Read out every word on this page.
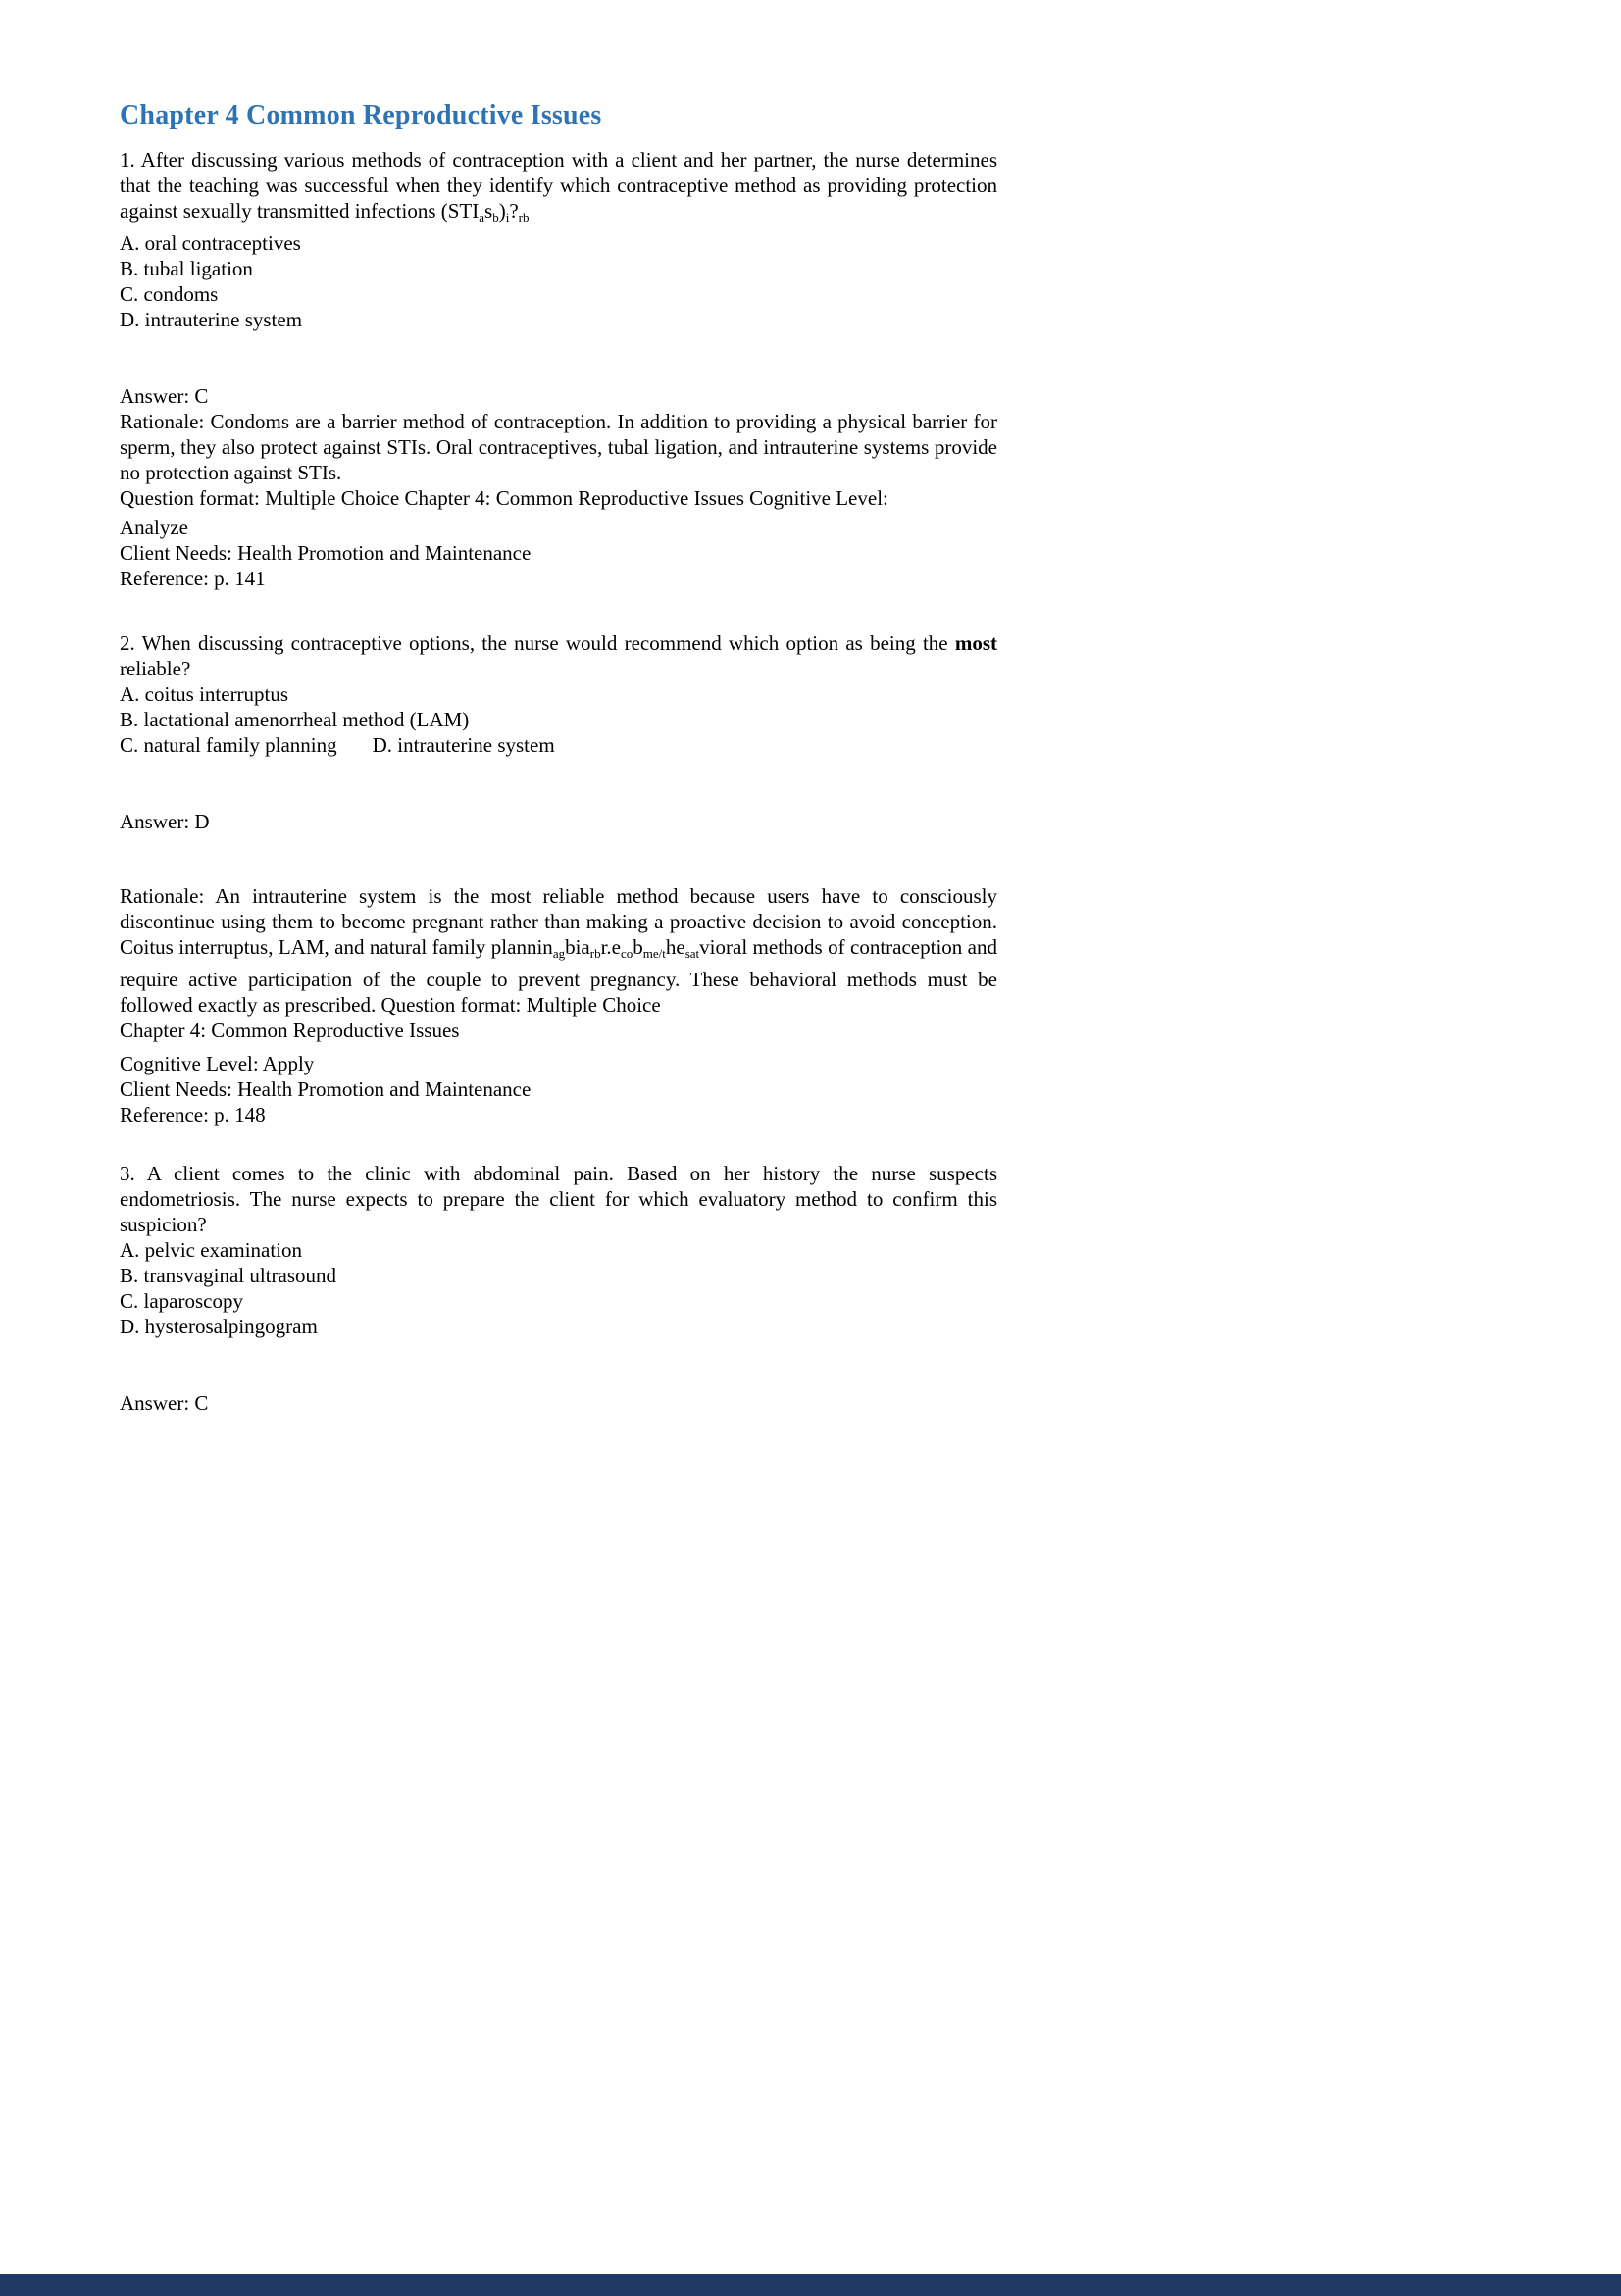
Chapter 4 Common Reproductive Issues

1. After discussing various methods of contraception with a client and her partner, the nurse determines that the teaching was successful when they identify which contraceptive method as providing protection against sexually transmitted infections $(STI_as_b)_i?_{rb}$

A. oral contraceptives

B. tubal ligation

C. condoms

D. intrauterine system

Answer: C

Rationale: Condoms are a barrier method of contraception. In addition to providing a physical barrier for sperm, they also protect against STIs. Oral contraceptives, tubal ligation, and intrauterine systems provide no protection against STIs.

Question format: Multiple Choice Chapter 4: Common Reproductive Issues Cognitive Level:

Analyze

Client Needs: Health Promotion and Maintenance

Reference: p. 141

2. When discussing contraceptive options, the nurse would recommend which option as being the most reliable?

A. coitus interruptus

B. lactational amenorrheal method (LAM)

C. natural family planning D. intrauterine system

Answer: D

Rationale: An intrauterine system is the most reliable method because users have to consciously discontinue using them to become pregnant rather than making a proactive decision to avoid conception. Coitus interruptus, LAM, and natural family $plannin_{ag}bia_{rb}r.e_{co}b_{me/t}he_{sat}vioral$ methods of contraception and require active participation of the couple to prevent pregnancy. These behavioral methods must be followed exactly as prescribed. Question format: Multiple Choice

Chapter 4: Common Reproductive Issues

Cognitive Level: Apply

Client Needs: Health Promotion and Maintenance

Reference: p. 148

3. A client comes to the clinic with abdominal pain. Based on her history the nurse suspects endometriosis. The nurse expects to prepare the client for which evaluatory method to confirm this suspicion?

A. pelvic examination

B. transvaginal ultrasound

C. laparoscopy

D. hysterosalpingogram

Answer: C
